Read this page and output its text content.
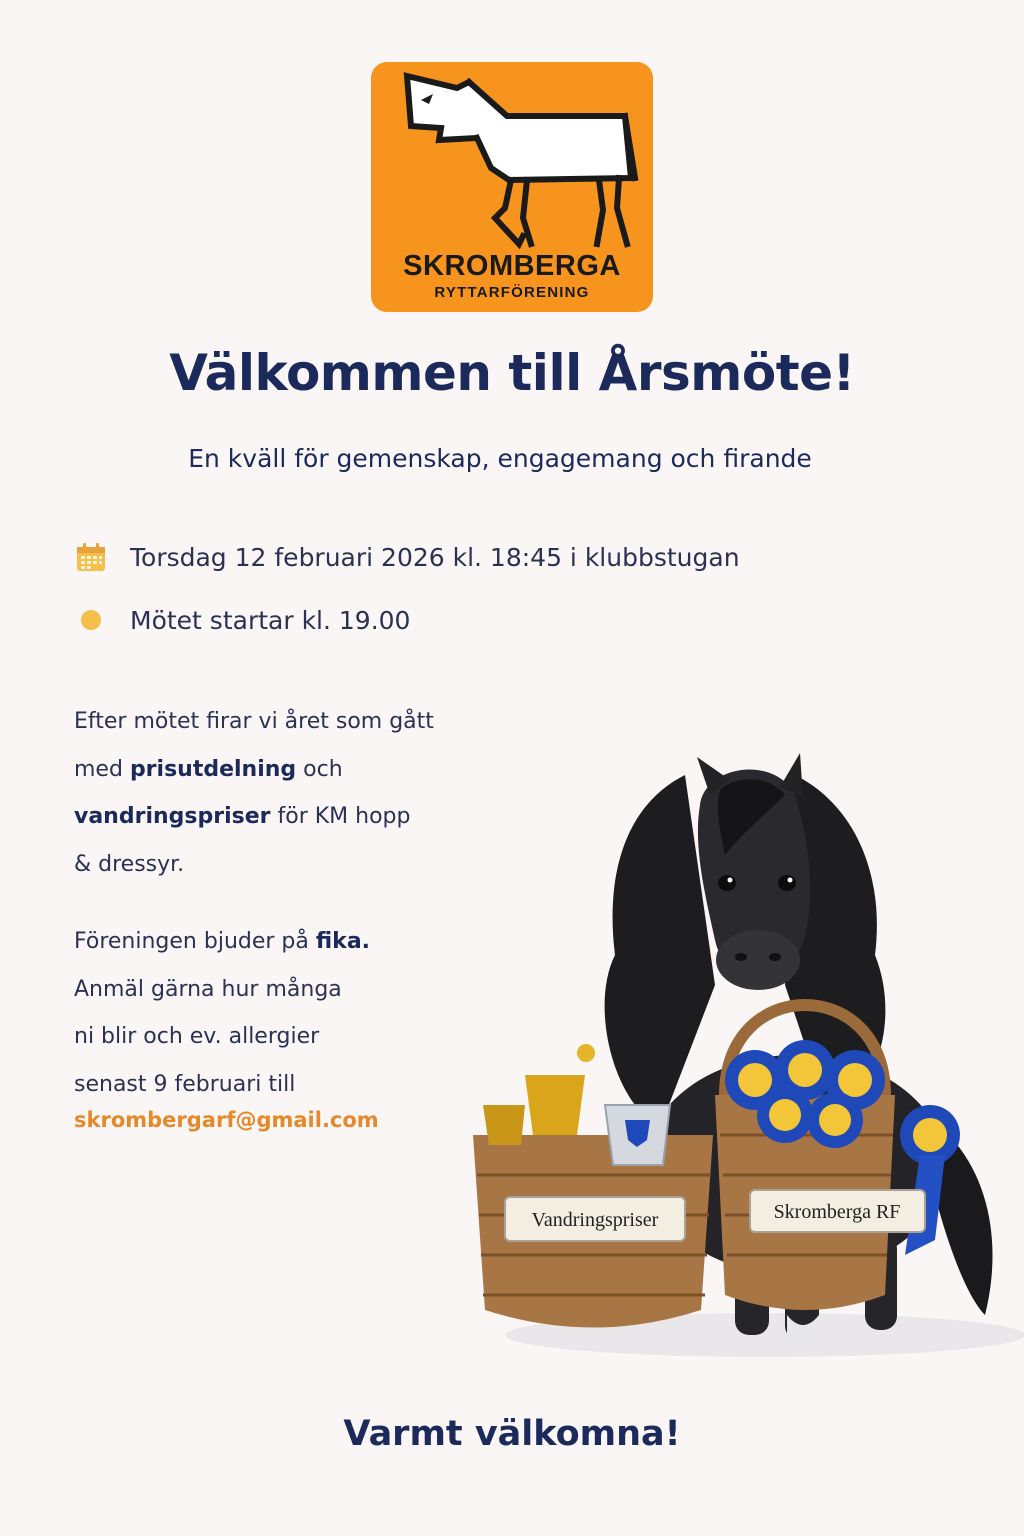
SKROMBERGA
RYTTARFÖRENING
Välkommen till Årsmöte!
En kväll för gemenskap, engagemang och firande
Torsdag 12 februari 2026 kl. 18:45 i klubbstugan
Mötet startar kl. 19.00
Efter mötet firar vi året som gått
med prisutdelning och
vandringspriser för KM hopp
& dressyr.
Föreningen bjuder på fika.
Anmäl gärna hur många
ni blir och ev. allergier
senast 9 februari till
skrombergarf@gmail.com
Skromberga RF
Vandringspriser
Varmt välkomna!
